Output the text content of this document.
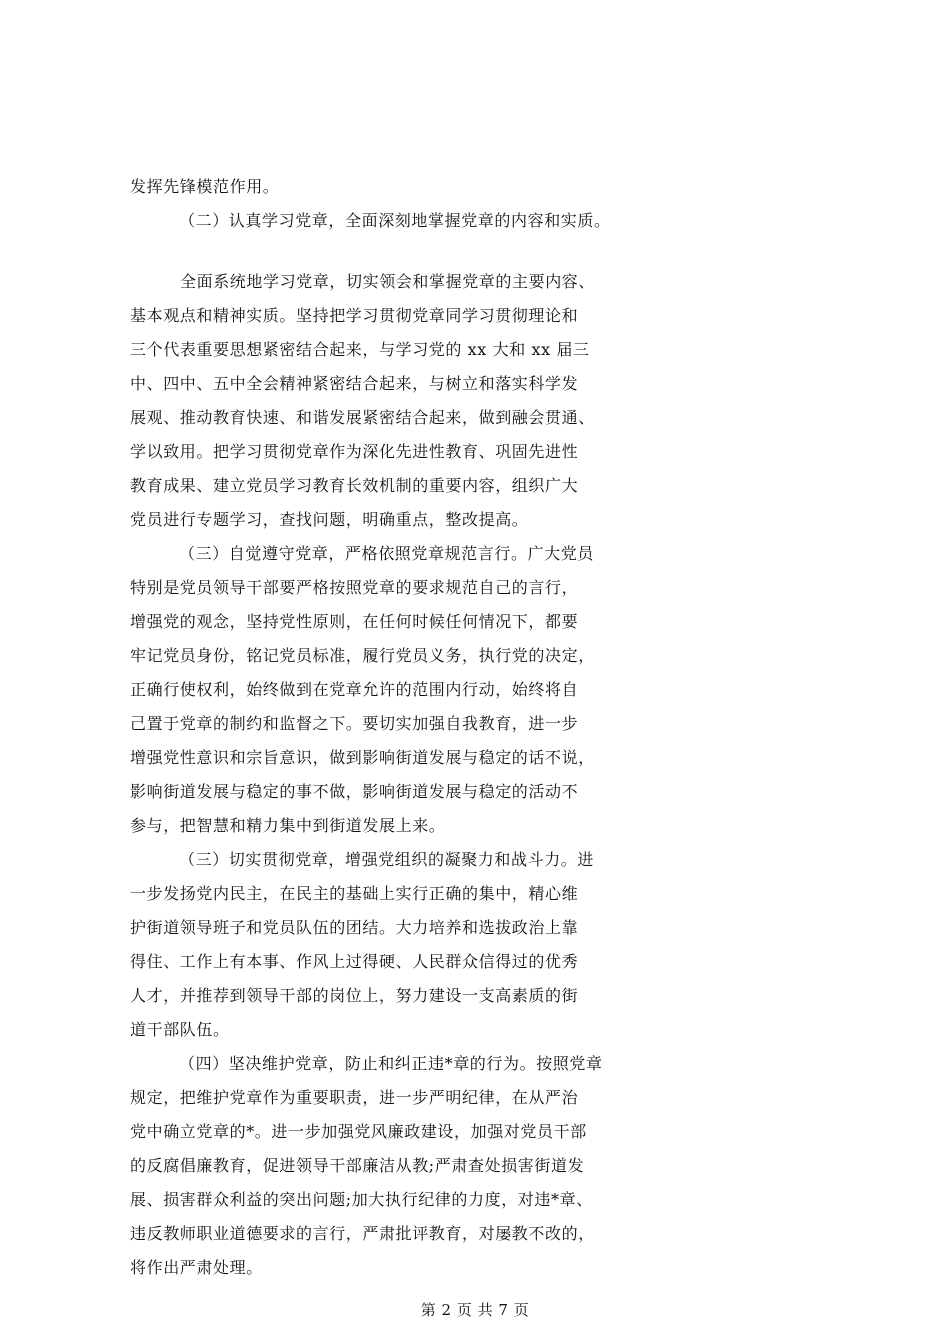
发挥先锋模范作用。
（二）认真学习党章，全面深刻地掌握党章的内容和实质。
全面系统地学习党章，切实领会和掌握党章的主要内容、
基本观点和精神实质。坚持把学习贯彻党章同学习贯彻理论和
三个代表重要思想紧密结合起来，与学习党的 xx 大和 xx 届三
中、四中、五中全会精神紧密结合起来，与树立和落实科学发
展观、推动教育快速、和谐发展紧密结合起来，做到融会贯通、
学以致用。把学习贯彻党章作为深化先进性教育、巩固先进性
教育成果、建立党员学习教育长效机制的重要内容，组织广大
党员进行专题学习，查找问题，明确重点，整改提高。
（三）自觉遵守党章，严格依照党章规范言行。广大党员
特别是党员领导干部要严格按照党章的要求规范自己的言行，
增强党的观念，坚持党性原则，在任何时候任何情况下，都要
牢记党员身份，铭记党员标准，履行党员义务，执行党的决定，
正确行使权利，始终做到在党章允许的范围内行动，始终将自
己置于党章的制约和监督之下。要切实加强自我教育，进一步
增强党性意识和宗旨意识，做到影响街道发展与稳定的话不说，
影响街道发展与稳定的事不做，影响街道发展与稳定的活动不
参与，把智慧和精力集中到街道发展上来。
（三）切实贯彻党章，增强党组织的凝聚力和战斗力。进
一步发扬党内民主，在民主的基础上实行正确的集中，精心维
护街道领导班子和党员队伍的团结。大力培养和选拔政治上靠
得住、工作上有本事、作风上过得硬、人民群众信得过的优秀
人才，并推荐到领导干部的岗位上，努力建设一支高素质的街
道干部队伍。
（四）坚决维护党章，防止和纠正违*章的行为。按照党章
规定，把维护党章作为重要职责，进一步严明纪律，在从严治
党中确立党章的*。进一步加强党风廉政建设，加强对党员干部
的反腐倡廉教育，促进领导干部廉洁从教;严肃查处损害街道发
展、损害群众利益的突出问题;加大执行纪律的力度，对违*章、
违反教师职业道德要求的言行，严肃批评教育，对屡教不改的，
将作出严肃处理。
第 2 页 共 7 页
